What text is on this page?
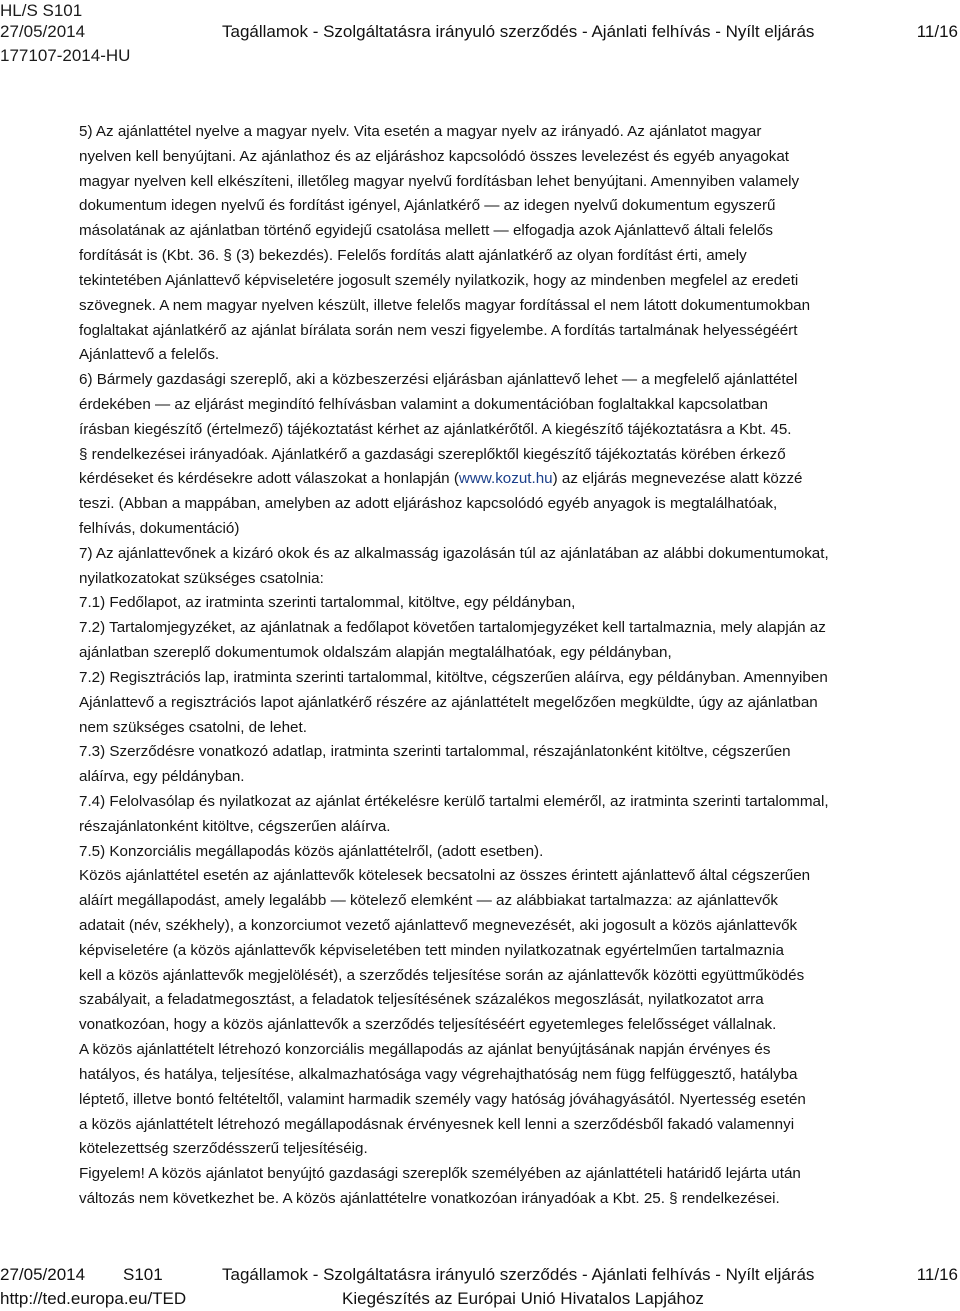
HL/S S101
27/05/2014
177107-2014-HU
Tagállamok - Szolgáltatásra irányuló szerződés - Ajánlati felhívás - Nyílt eljárás	11/16
5) Az ajánlattétel nyelve a magyar nyelv. Vita esetén a magyar nyelv az irányadó. Az ajánlatot magyar
nyelven kell benyújtani. Az ajánlathoz és az eljáráshoz kapcsolódó összes levelezést és egyéb anyagokat
magyar nyelven kell elkészíteni, illetőleg magyar nyelvű fordításban lehet benyújtani. Amennyiben valamely
dokumentum idegen nyelvű és fordítást igényel, Ajánlatkérő — az idegen nyelvű dokumentum egyszerű
másolatának az ajánlatban történő egyidejű csatolása mellett — elfogadja azok Ajánlattevő általi felelős
fordítását is (Kbt. 36. § (3) bekezdés). Felelős fordítás alatt ajánlatkérő az olyan fordítást érti, amely
tekintetében Ajánlattevő képviseletére jogosult személy nyilatkozik, hogy az mindenben megfelel az eredeti
szövegnek. A nem magyar nyelven készült, illetve felelős magyar fordítással el nem látott dokumentumokban
foglaltakat ajánlatkérő az ajánlat bírálata során nem veszi figyelembe. A fordítás tartalmának helyességéért
Ajánlattevő a felelős.
6) Bármely gazdasági szereplő, aki a közbeszerzési eljárásban ajánlattevő lehet — a megfelelő ajánlattétel
érdekében — az eljárást megindító felhívásban valamint a dokumentációban foglaltakkal kapcsolatban
írásban kiegészítő (értelmező) tájékoztatást kérhet az ajánlatkérőtől. A kiegészítő tájékoztatásra a Kbt. 45.
§ rendelkezései irányadóak. Ajánlatkérő a gazdasági szereplőktől kiegészítő tájékoztatás körében érkező
kérdéseket és kérdésekre adott válaszokat a honlapján (www.kozut.hu) az eljárás megnevezése alatt közzé
teszi. (Abban a mappában, amelyben az adott eljáráshoz kapcsolódó egyéb anyagok is megtalálhatóak,
felhívás, dokumentáció)
7) Az ajánlattevőnek a kizáró okok és az alkalmasság igazolásán túl az ajánlatában az alábbi dokumentumokat,
nyilatkozatokat szükséges csatolnia:
7.1) Fedőlapot, az iratminta szerinti tartalommal, kitöltve, egy példányban,
7.2) Tartalomjegyzéket, az ajánlatnak a fedőlapot követően tartalomjegyzéket kell tartalmaznia, mely alapján az
ajánlatban szereplő dokumentumok oldalszám alapján megtalálhatóak, egy példányban,
7.2) Regisztrációs lap, iratminta szerinti tartalommal, kitöltve, cégszerűen aláírva, egy példányban. Amennyiben
Ajánlattevő a regisztrációs lapot ajánlatkérő részére az ajánlattételt megelőzően megküldte, úgy az ajánlatban
nem szükséges csatolni, de lehet.
7.3) Szerződésre vonatkozó adatlap, iratminta szerinti tartalommal, részajánlatonként kitöltve, cégszerűen
aláírva, egy példányban.
7.4) Felolvasólap és nyilatkozat az ajánlat értékelésre kerülő tartalmi eleméről, az iratminta szerinti tartalommal,
részajánlatonként kitöltve, cégszerűen aláírva.
7.5) Konzorciális megállapodás közös ajánlattételről, (adott esetben).
Közös ajánlattétel esetén az ajánlattevők kötelesek becsatolni az összes érintett ajánlattevő által cégszerűen
aláírt megállapodást, amely legalább — kötelező elemként — az alábbiakat tartalmazza: az ajánlattevők
adatait (név, székhely), a konzorciumot vezető ajánlattevő megnevezését, aki jogosult a közös ajánlattevők
képviseletére (a közös ajánlattevők képviseletében tett minden nyilatkozatnak egyértelműen tartalmaznia
kell a közös ajánlattevők megjelölését), a szerződés teljesítése során az ajánlattevők közötti együttműködés
szabályait, a feladatmegosztást, a feladatok teljesítésének százalékos megoszlását, nyilatkozatot arra
vonatkozóan, hogy a közös ajánlattevők a szerződés teljesítéséért egyetemleges felelősséget vállalnak.
A közös ajánlattételt létrehozó konzorciális megállapodás az ajánlat benyújtásának napján érvényes és
hatályos, és hatálya, teljesítése, alkalmazhatósága vagy végrehajthatóság nem függ felfüggesztő, hatályba
léptető, illetve bontó feltételtől, valamint harmadik személy vagy hatóság jóváhagyásától. Nyertesség esetén
a közös ajánlattételt létrehozó megállapodásnak érvényesnek kell lenni a szerződésből fakadó valamennyi
kötelezettség szerződésszerű teljesítéséig.
Figyelem! A közös ajánlatot benyújtó gazdasági szereplők személyében az ajánlattételi határidő lejárta után
változás nem következhet be. A közös ajánlattételre vonatkozóan irányadóak a Kbt. 25. § rendelkezései.
27/05/2014 S101	Tagállamok - Szolgáltatásra irányuló szerződés - Ajánlati felhívás - Nyílt eljárás	11/16
http://ted.europa.eu/TED	Kiegészítés az Európai Unió Hivatalos Lapjához
